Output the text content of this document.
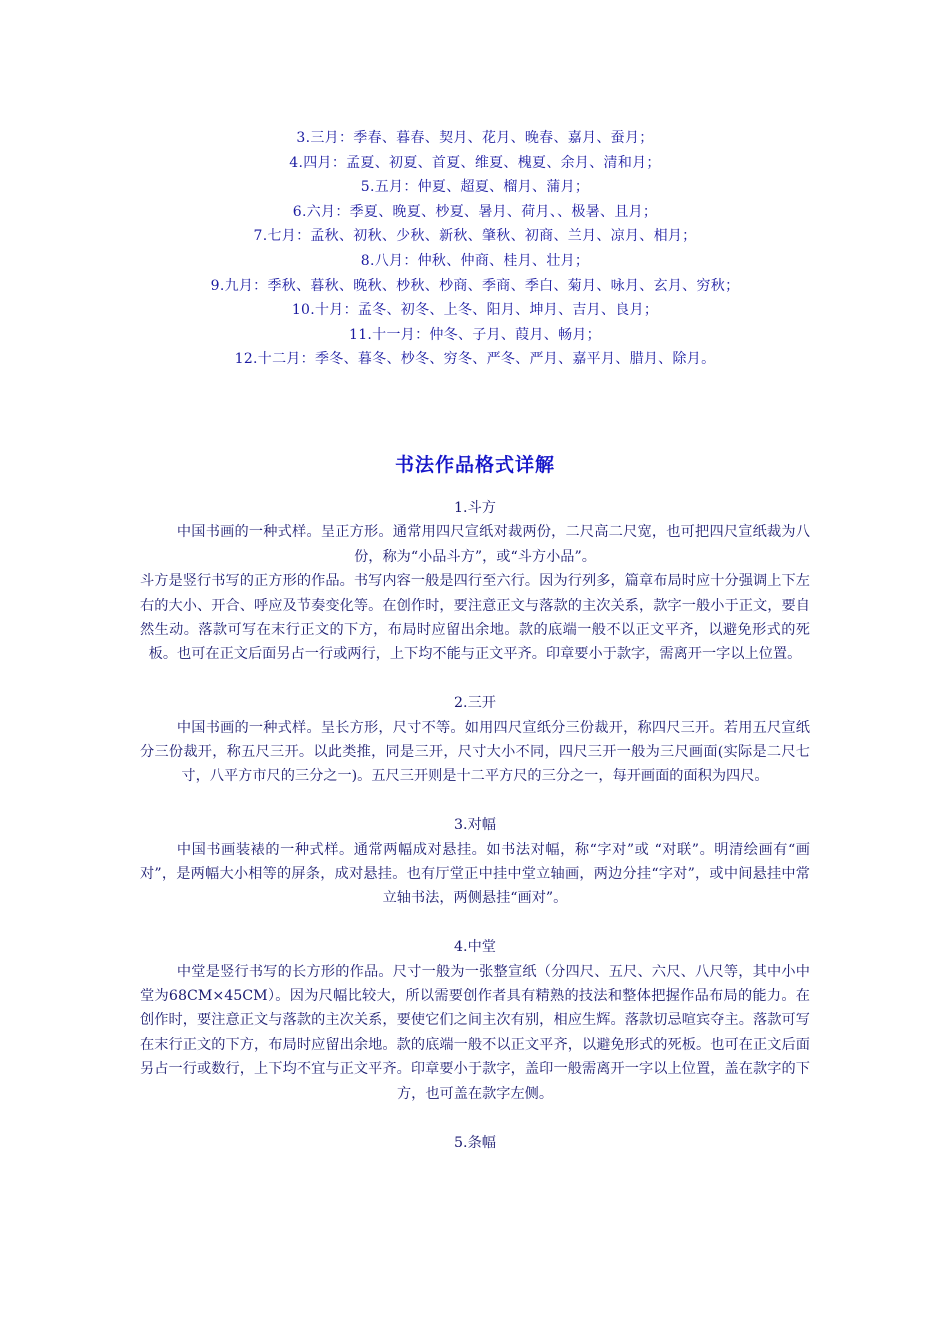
3.三月：季春、暮春、契月、花月、晚春、嘉月、蚕月；
4.四月：孟夏、初夏、首夏、维夏、槐夏、余月、清和月；
5.五月：仲夏、超夏、榴月、蒲月；
6.六月：季夏、晚夏、杪夏、暑月、荷月、、极暑、且月；
7.七月：孟秋、初秋、少秋、新秋、肇秋、初商、兰月、凉月、相月；
8.八月：仲秋、仲商、桂月、壮月；
9.九月：季秋、暮秋、晚秋、杪秋、杪商、季商、季白、菊月、咏月、玄月、穷秋；
10.十月：孟冬、初冬、上冬、阳月、坤月、吉月、良月；
11.十一月：仲冬、子月、葭月、畅月；
12.十二月：季冬、暮冬、杪冬、穷冬、严冬、严月、嘉平月、腊月、除月。
书法作品格式详解
1.斗方
中国书画的一种式样。呈正方形。通常用四尺宣纸对裁两份，二尺高二尺宽，也可把四尺宣纸裁为八份，称为“小品斗方”，或“斗方小品”。
斗方是竖行书写的正方形的作品。书写内容一般是四行至六行。因为行列多，篇章布局时应十分强调上下左右的大小、开合、呼应及节奏变化等。在创作时，要注意正文与落款的主次关系，款字一般小于正文，要自然生动。落款可写在末行正文的下方，布局时应留出余地。款的底端一般不以正文平齐，以避免形式的死板。也可在正文后面另占一行或两行，上下均不能与正文平齐。印章要小于款字，需离开一字以上位置。
2.三开
中国书画的一种式样。呈长方形，尺寸不等。如用四尺宣纸分三份裁开，称四尺三开。若用五尺宣纸分三份裁开，称五尺三开。以此类推，同是三开，尺寸大小不同，四尺三开一般为三尺画面(实际是二尺七寸，八平方市尺的三分之一)。五尺三开则是十二平方尺的三分之一，每开画面的面积为四尺。
3.对幅
中国书画装裱的一种式样。通常两幅成对悬挂。如书法对幅，称“字对”或 “对联”。明清绘画有“画对”，是两幅大小相等的屏条，成对悬挂。也有厅堂正中挂中堂立轴画，两边分挂“字对”，或中间悬挂中常立轴书法，两侧悬挂“画对”。
4.中堂
中堂是竖行书写的长方形的作品。尺寸一般为一张整宣纸（分四尺、五尺、六尺、八尺等，其中小中堂为68CM×45CM）。因为尺幅比较大，所以需要创作者具有精熟的技法和整体把握作品布局的能力。在创作时，要注意正文与落款的主次关系，要使它们之间主次有别，相应生辉。落款切忌喧宾夺主。落款可写在末行正文的下方，布局时应留出余地。款的底端一般不以正文平齐，以避免形式的死板。也可在正文后面另占一行或数行，上下均不宜与正文平齐。印章要小于款字，盖印一般需离开一字以上位置，盖在款字的下方，也可盖在款字左侧。
5.条幅
